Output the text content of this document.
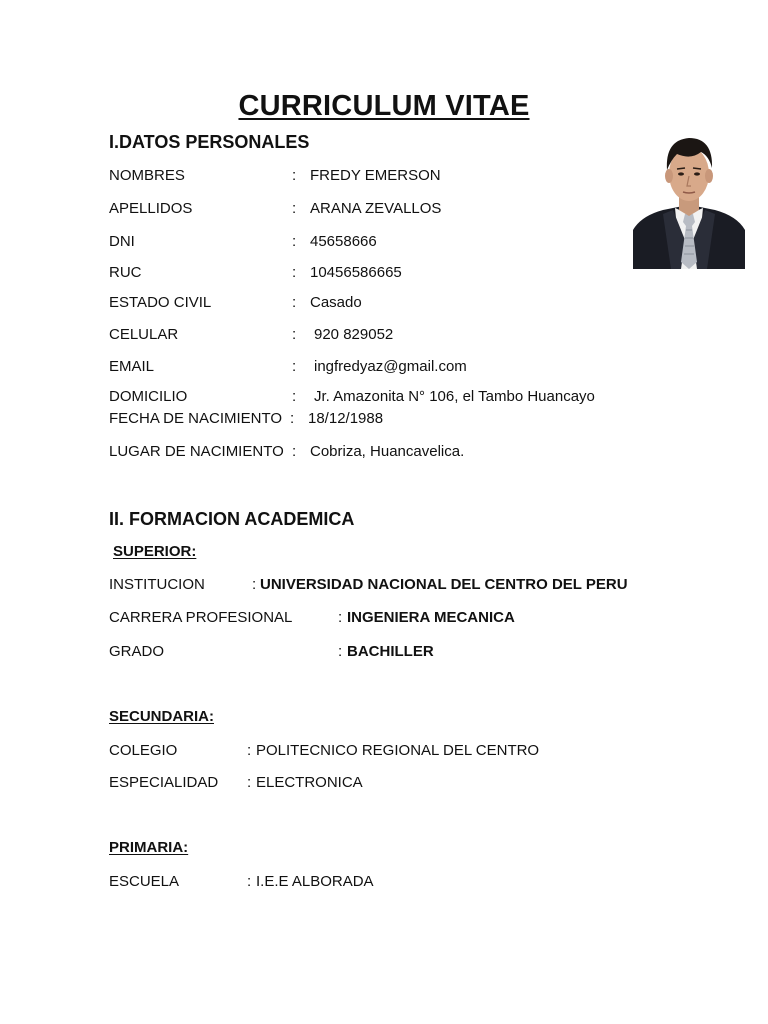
CURRICULUM VITAE
I.DATOS PERSONALES
NOMBRES	: FREDY EMERSON
APELLIDOS	: ARANA ZEVALLOS
DNI	: 45658666
RUC	: 10456586665
ESTADO CIVIL	: Casado
CELULAR	: 920 829052
EMAIL	: ingfredyaz@gmail.com
DOMICILIO	: Jr. Amazonita N° 106, el Tambo Huancayo
FECHA DE NACIMIENTO : 18/12/1988
LUGAR DE NACIMIENTO : Cobriza, Huancavelica.
II. FORMACION ACADEMICA
SUPERIOR:
INSTITUCION	: UNIVERSIDAD NACIONAL DEL CENTRO DEL PERU
CARRERA PROFESIONAL	: INGENIERA MECANICA
GRADO	: BACHILLER
SECUNDARIA:
COLEGIO	: POLITECNICO REGIONAL DEL CENTRO
ESPECIALIDAD : ELECTRONICA
PRIMARIA:
ESCUELA	: I.E.E ALBORADA
